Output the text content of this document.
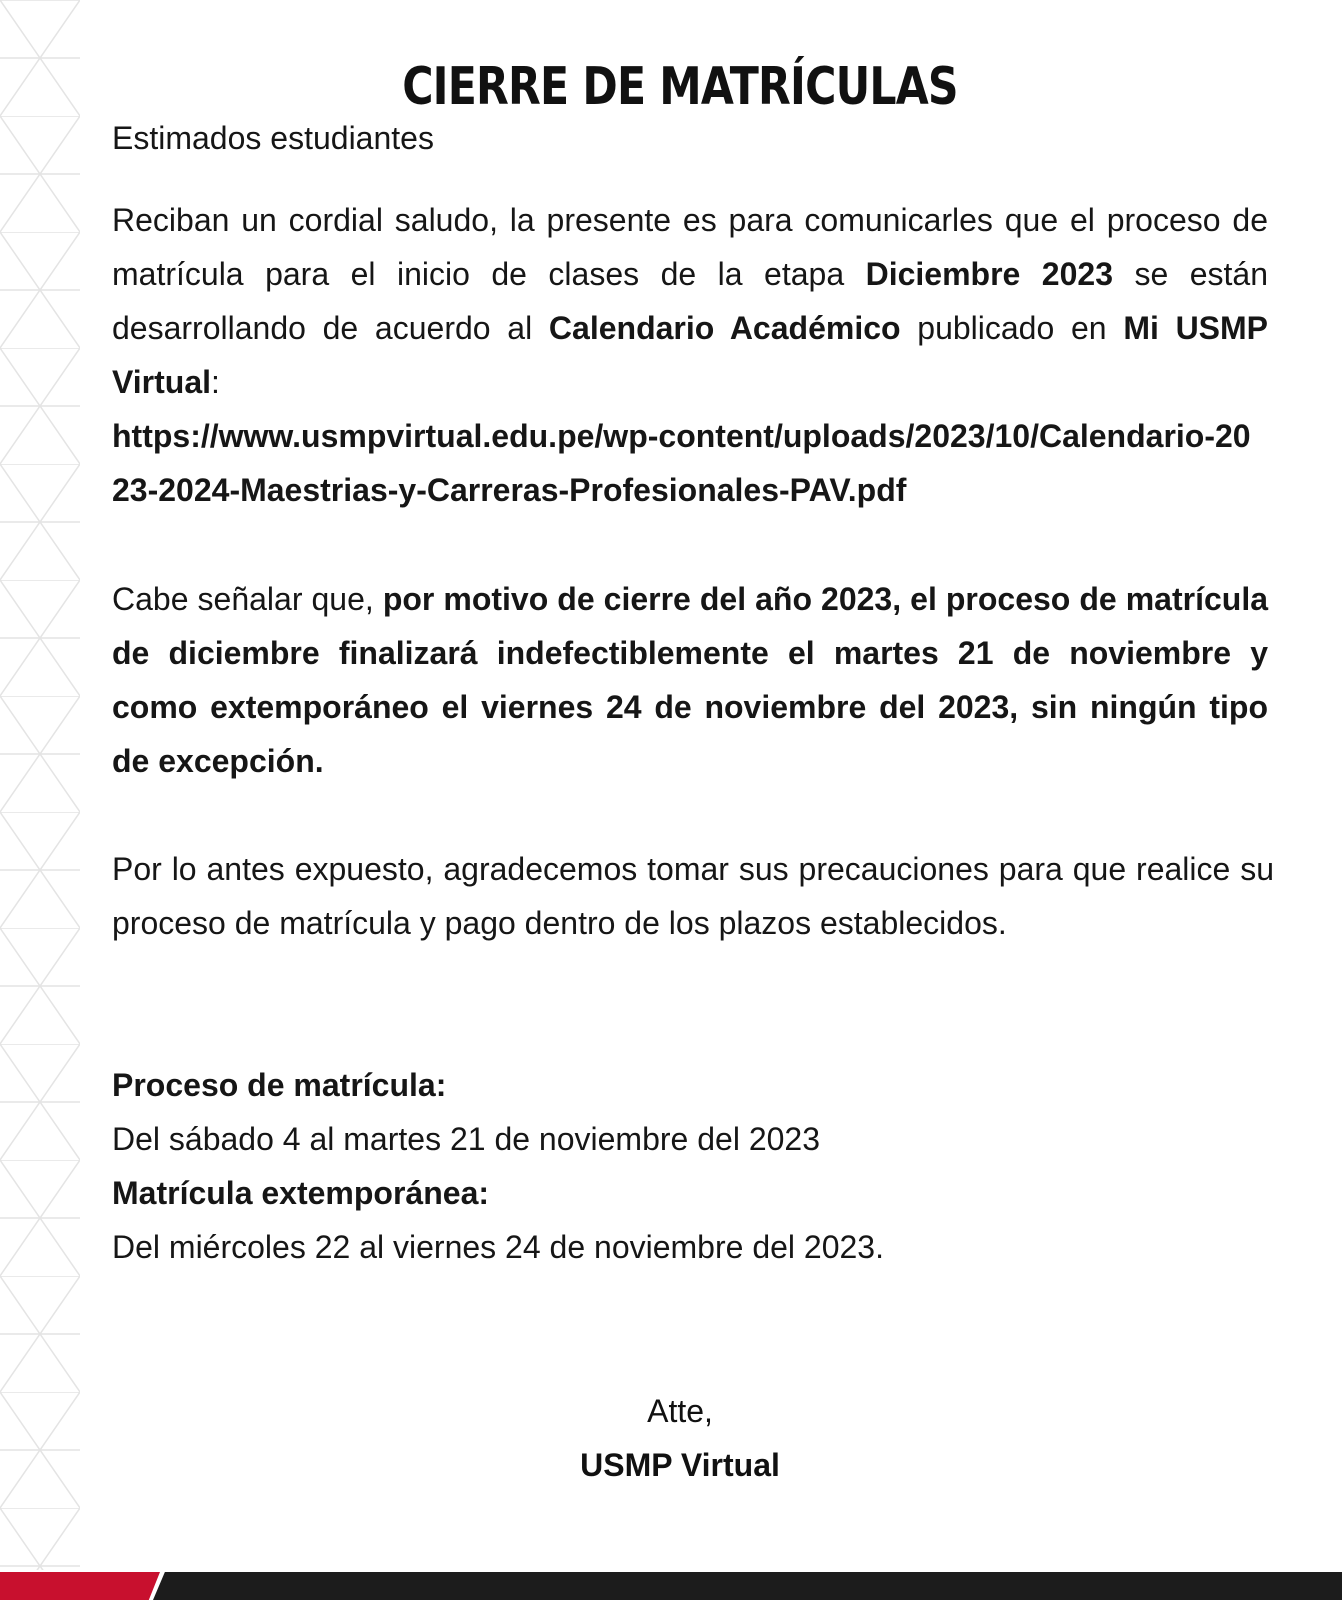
CIERRE DE MATRÍCULAS

Estimados estudiantes

Reciban un cordial saludo, la presente es para comunicarles que el proceso de matrícula para el inicio de clases de la etapa Diciembre 2023 se están desarrollando de acuerdo al Calendario Académico publicado en Mi USMP Virtual:
https://www.usmpvirtual.edu.pe/wp-content/uploads/2023/10/Calendario-2023-2024-Maestrias-y-Carreras-Profesionales-PAV.pdf

Cabe señalar que, por motivo de cierre del año 2023, el proceso de matrícula de diciembre finalizará indefectiblemente el martes 21 de noviembre y como extemporáneo el viernes 24 de noviembre del 2023, sin ningún tipo de excepción.

Por lo antes expuesto, agradecemos tomar sus precauciones para que realice su proceso de matrícula y pago dentro de los plazos establecidos.

Proceso de matrícula:
Del sábado 4 al martes 21 de noviembre del 2023
Matrícula extemporánea:
Del miércoles 22 al viernes 24 de noviembre del 2023.
Atte,
USMP Virtual
